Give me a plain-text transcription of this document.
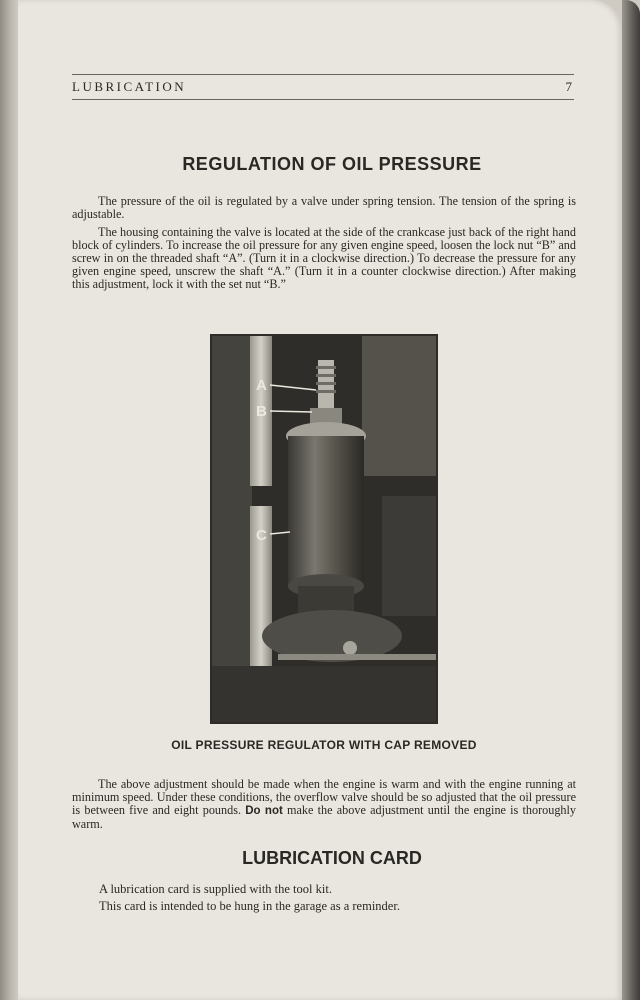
LUBRICATION	7
REGULATION OF OIL PRESSURE

The pressure of the oil is regulated by a valve under spring tension. The tension of the spring is adjustable.

The housing containing the valve is located at the side of the crankcase just back of the right hand block of cylinders. To increase the oil pressure for any given engine speed, loosen the lock nut “B” and screw in on the threaded shaft “A”. (Turn it in a clockwise direction.) To decrease the pressure for any given engine speed, unscrew the shaft “A.” (Turn it in a counter clockwise direction.) After making this adjustment, lock it with the set nut “B.”

A
B
C
OIL PRESSURE REGULATOR WITH CAP REMOVED

The above adjustment should be made when the engine is warm and with the engine running at minimum speed. Under these conditions, the overflow valve should be so adjusted that the oil pressure is between five and eight pounds. Do not make the above adjustment until the engine is thoroughly warm.

LUBRICATION CARD

A lubrication card is supplied with the tool kit.

This card is intended to be hung in the garage as a reminder.
